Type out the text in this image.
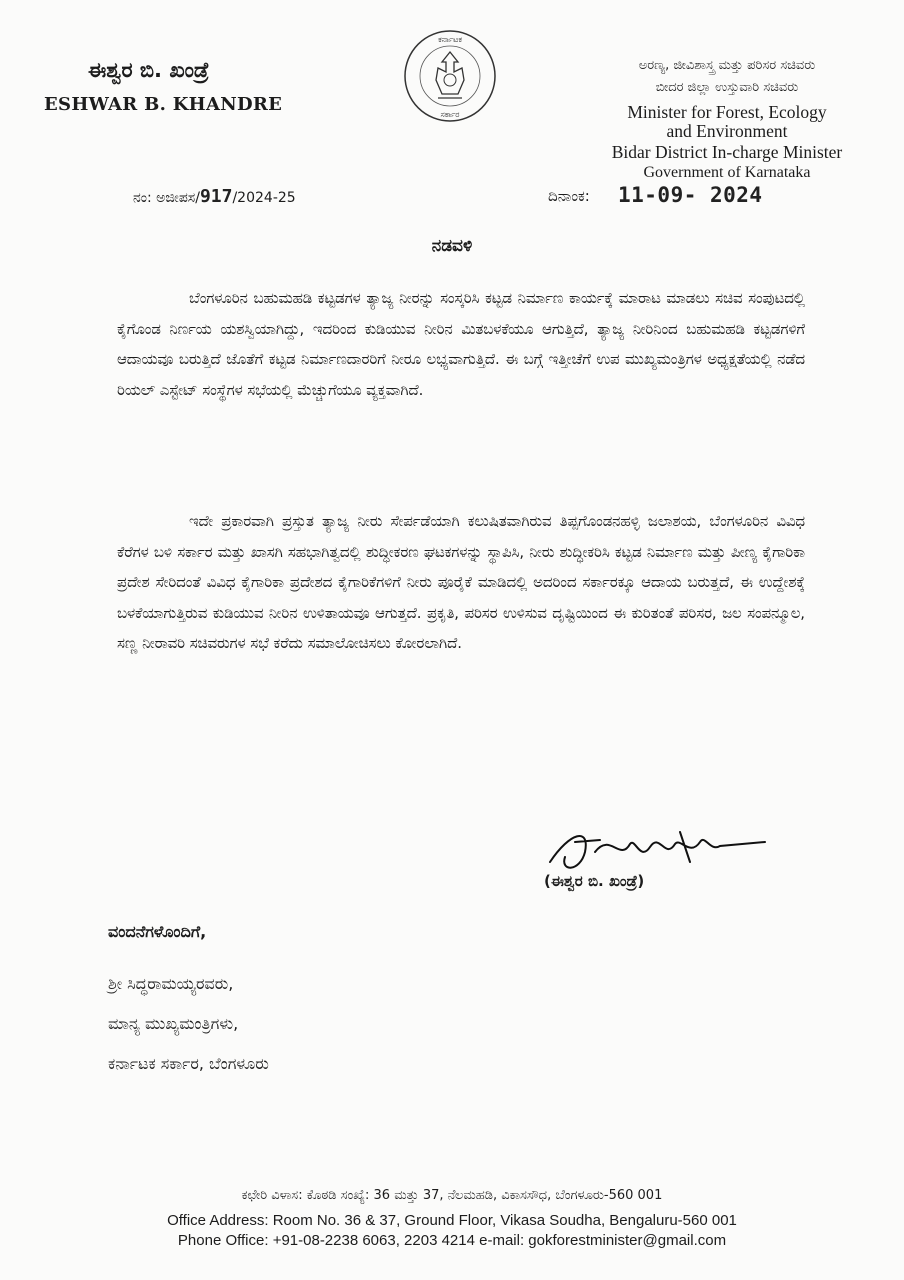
ಈಶ್ವರ ಬಿ. ಖಂಡ್ರೆ
ESHWAR B. KHANDRE
ಕರ್ನಾಟಕ
ಸರ್ಕಾರ
ಅರಣ್ಯ, ಜೀವಿಶಾಸ್ತ್ರ ಮತ್ತು ಪರಿಸರ ಸಚಿವರು
ಬೀದರ ಜಿಲ್ಲಾ ಉಸ್ತುವಾರಿ ಸಚಿವರು
Minister for Forest, Ecology
and Environment
Bidar District In-charge Minister
Government of Karnataka
ನಂ: ಅಜೀಪಸ/917/2024-25	ದಿನಾಂಕ: 11-09- 2024
ನಡವಳಿ

ಬೆಂಗಳೂರಿನ ಬಹುಮಹಡಿ ಕಟ್ಟಡಗಳ ತ್ಯಾಜ್ಯ ನೀರನ್ನು ಸಂಸ್ಕರಿಸಿ ಕಟ್ಟಡ ನಿರ್ಮಾಣ ಕಾರ್ಯಕ್ಕೆ ಮಾರಾಟ ಮಾಡಲು ಸಚಿವ ಸಂಪುಟದಲ್ಲಿ ಕೈಗೊಂಡ ನಿರ್ಣಯ ಯಶಸ್ವಿಯಾಗಿದ್ದು, ಇದರಿಂದ ಕುಡಿಯುವ ನೀರಿನ ಮಿತಬಳಕೆಯೂ ಆಗುತ್ತಿದೆ, ತ್ಯಾಜ್ಯ ನೀರಿನಿಂದ ಬಹುಮಹಡಿ ಕಟ್ಟಡಗಳಿಗೆ ಆದಾಯವೂ ಬರುತ್ತಿದೆ ಜೊತೆಗೆ ಕಟ್ಟಡ ನಿರ್ಮಾಣದಾರರಿಗೆ ನೀರೂ ಲಭ್ಯವಾಗುತ್ತಿದೆ. ಈ ಬಗ್ಗೆ ಇತ್ತೀಚೆಗೆ ಉಪ ಮುಖ್ಯಮಂತ್ರಿಗಳ ಅಧ್ಯಕ್ಷತೆಯಲ್ಲಿ ನಡೆದ ರಿಯಲ್ ಎಸ್ಟೇಟ್ ಸಂಸ್ಥೆಗಳ ಸಭೆಯಲ್ಲಿ ಮೆಚ್ಚುಗೆಯೂ ವ್ಯಕ್ತವಾಗಿದೆ.

ಇದೇ ಪ್ರಕಾರವಾಗಿ ಪ್ರಸ್ತುತ ತ್ಯಾಜ್ಯ ನೀರು ಸೇರ್ಪಡೆಯಾಗಿ ಕಲುಷಿತವಾಗಿರುವ ತಿಪ್ಪಗೊಂಡನಹಳ್ಳಿ ಜಲಾಶಯ, ಬೆಂಗಳೂರಿನ ವಿವಿಧ ಕೆರೆಗಳ ಬಳಿ ಸರ್ಕಾರ ಮತ್ತು ಖಾಸಗಿ ಸಹಭಾಗಿತ್ವದಲ್ಲಿ ಶುದ್ಧೀಕರಣ ಘಟಕಗಳನ್ನು ಸ್ಥಾಪಿಸಿ, ನೀರು ಶುದ್ಧೀಕರಿಸಿ ಕಟ್ಟಡ ನಿರ್ಮಾಣ ಮತ್ತು ಪೀಣ್ಯ ಕೈಗಾರಿಕಾ ಪ್ರದೇಶ ಸೇರಿದಂತೆ ವಿವಿಧ ಕೈಗಾರಿಕಾ ಪ್ರದೇಶದ ಕೈಗಾರಿಕೆಗಳಿಗೆ ನೀರು ಪೂರೈಕೆ ಮಾಡಿದಲ್ಲಿ ಅದರಿಂದ ಸರ್ಕಾರಕ್ಕೂ ಆದಾಯ ಬರುತ್ತದೆ, ಈ ಉದ್ದೇಶಕ್ಕೆ ಬಳಕೆಯಾಗುತ್ತಿರುವ ಕುಡಿಯುವ ನೀರಿನ ಉಳಿತಾಯವೂ ಆಗುತ್ತದೆ. ಪ್ರಕೃತಿ, ಪರಿಸರ ಉಳಿಸುವ ದೃಷ್ಟಿಯಿಂದ ಈ ಕುರಿತಂತೆ ಪರಿಸರ, ಜಲ ಸಂಪನ್ಮೂಲ, ಸಣ್ಣ ನೀರಾವರಿ ಸಚಿವರುಗಳ ಸಭೆ ಕರೆದು ಸಮಾಲೋಚಿಸಲು ಕೋರಲಾಗಿದೆ.

(ಈಶ್ವರ ಬಿ. ಖಂಡ್ರೆ)
ವಂದನೆಗಳೊಂದಿಗೆ,
ಶ್ರೀ ಸಿದ್ಧರಾಮಯ್ಯರವರು,
ಮಾನ್ಯ ಮುಖ್ಯಮಂತ್ರಿಗಳು,
ಕರ್ನಾಟಕ ಸರ್ಕಾರ, ಬೆಂಗಳೂರು
ಕಛೇರಿ ವಿಳಾಸ: ಕೊಠಡಿ ಸಂಖ್ಯೆ: 36 ಮತ್ತು 37, ನೆಲಮಹಡಿ, ವಿಕಾಸಸೌಧ, ಬೆಂಗಳೂರು-560 001
Office Address: Room No. 36 & 37, Ground Floor, Vikasa Soudha, Bengaluru-560 001
Phone Office: +91-08-2238 6063, 2203 4214 e-mail: gokforestminister@gmail.com
